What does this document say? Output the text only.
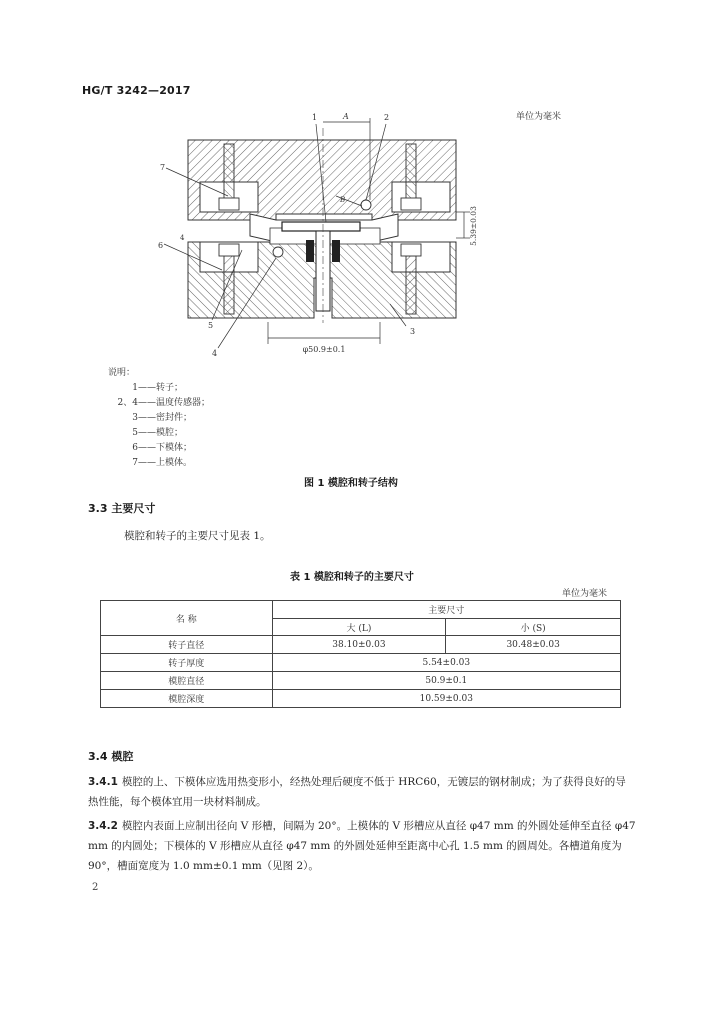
HG/T 3242—2017
单位为毫米
A
B
5.39±0.03
φ50.9±0.1
1	2
3
4
4
5
6
7
说明：
1——转子；
2、4——温度传感器；
3——密封件；
5——模腔；
6——下模体；
7——上模体。
图 1 模腔和转子结构
3.3 主要尺寸
模腔和转子的主要尺寸见表 1。
表 1 模腔和转子的主要尺寸
单位为毫米
名 称	主要尺寸	
	大 (L)	小 (S)
转子直径	38.10±0.03	30.48±0.03
转子厚度	5.54±0.03	
模腔直径	50.9±0.1	
模腔深度	10.59±0.03	
3.4 模腔
3.4.1 模腔的上、下模体应选用热变形小，经热处理后硬度不低于 HRC60，无镀层的钢材制成；为了获得良好的导热性能，每个模体宜用一块材料制成。
3.4.2 模腔内表面上应制出径向 V 形槽，间隔为 20°。上模体的 V 形槽应从直径 φ47 mm 的外圆处延伸至直径 φ47 mm 的内圆处；下模体的 V 形槽应从直径 φ47 mm 的外圆处延伸至距离中心孔 1.5 mm 的圆周处。各槽道角度为 90°，槽面宽度为 1.0 mm±0.1 mm（见图 2）。
2
